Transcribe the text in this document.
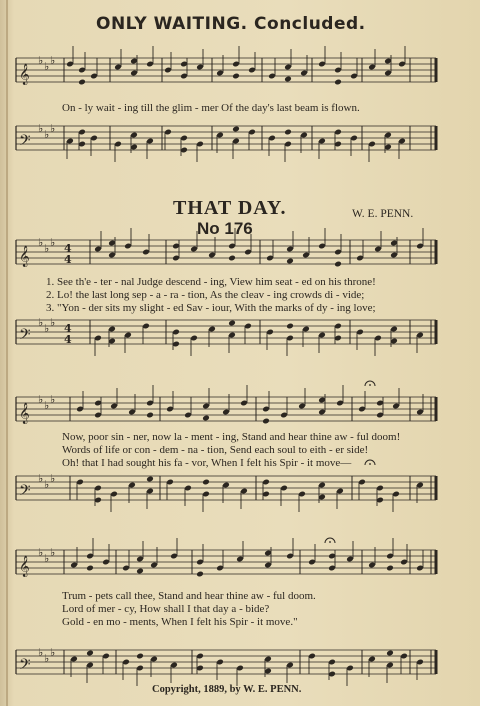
𝄞
♭ ♭ ♭
𝄢
♭ ♭ ♭
𝄞
♭ ♭ ♭
𝄢
♭ ♭ ♭
𝄞
♭ ♭ ♭
𝄢
♭ ♭ ♭
𝄞
♭ ♭ ♭
𝄢
♭ ♭ ♭
4
4
4
4
ONLY WAITING. Concluded.
On - ly wait - ing till the glim - mer Of the day's last beam is flown.
THAT DAY.
No 176
W. E. PENN.
1. See th'e - ter - nal Judge descend - ing, View him seat - ed on his throne!
2. Lo! the last long sep - a - ra - tion, As the cleav - ing crowds di - vide;
3. "Yon - der sits my slight - ed Sav - iour, With the marks of dy - ing love;
Now, poor sin - ner, now la - ment - ing, Stand and hear thine aw - ful doom!
Words of life or con - dem - na - tion, Send each soul to eith - er side!
Oh! that I had sought his fa - vor, When I felt his Spir - it move—
Trum - pets call thee, Stand and hear thine aw - ful doom.
Lord of mer - cy, How shall I that day a - bide?
Gold - en mo - ments, When I felt his Spir - it move."
Copyright, 1889, by W. E. PENN.
